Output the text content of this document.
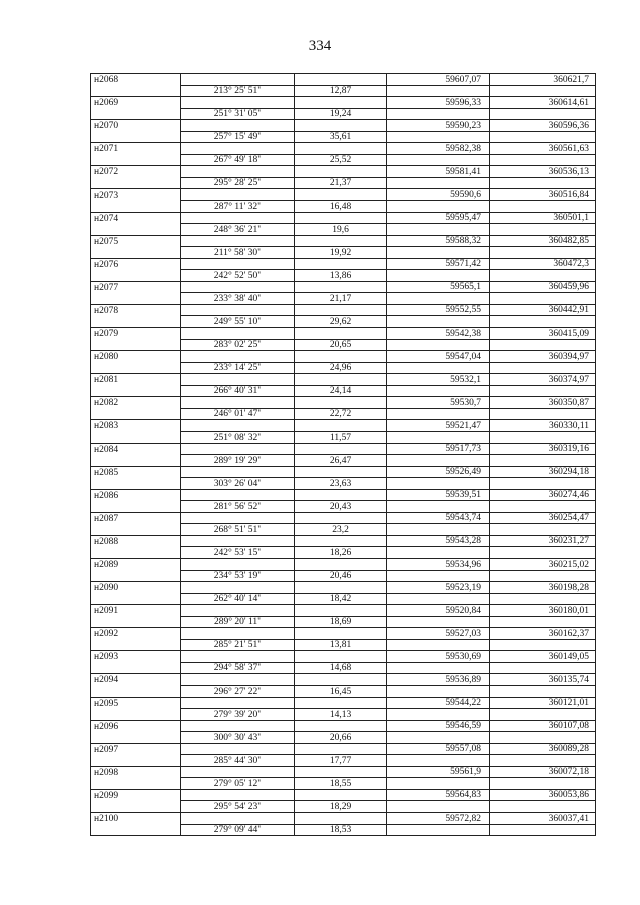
334
н2068			59607,07	360621,7
	213° 25' 51"	12,87		
н2069			59596,33	360614,61
	251° 31' 05"	19,24		
н2070			59590,23	360596,36
	257° 15' 49"	35,61		
н2071			59582,38	360561,63
	267° 49' 18"	25,52		
н2072			59581,41	360536,13
	295° 28' 25"	21,37		
н2073			59590,6	360516,84
	287° 11' 32"	16,48		
н2074			59595,47	360501,1
	248° 36' 21"	19,6		
н2075			59588,32	360482,85
	211° 58' 30"	19,92		
н2076			59571,42	360472,3
	242° 52' 50"	13,86		
н2077			59565,1	360459,96
	233° 38' 40"	21,17		
н2078			59552,55	360442,91
	249° 55' 10"	29,62		
н2079			59542,38	360415,09
	283° 02' 25"	20,65		
н2080			59547,04	360394,97
	233° 14' 25"	24,96		
н2081			59532,1	360374,97
	266° 40' 31"	24,14		
н2082			59530,7	360350,87
	246° 01' 47"	22,72		
н2083			59521,47	360330,11
	251° 08' 32"	11,57		
н2084			59517,73	360319,16
	289° 19' 29"	26,47		
н2085			59526,49	360294,18
	303° 26' 04"	23,63		
н2086			59539,51	360274,46
	281° 56' 52"	20,43		
н2087			59543,74	360254,47
	268° 51' 51"	23,2		
н2088			59543,28	360231,27
	242° 53' 15"	18,26		
н2089			59534,96	360215,02
	234° 53' 19"	20,46		
н2090			59523,19	360198,28
	262° 40' 14"	18,42		
н2091			59520,84	360180,01
	289° 20' 11"	18,69		
н2092			59527,03	360162,37
	285° 21' 51"	13,81		
н2093			59530,69	360149,05
	294° 58' 37"	14,68		
н2094			59536,89	360135,74
	296° 27' 22"	16,45		
н2095			59544,22	360121,01
	279° 39' 20"	14,13		
н2096			59546,59	360107,08
	300° 30' 43"	20,66		
н2097			59557,08	360089,28
	285° 44' 30"	17,77		
н2098			59561,9	360072,18
	279° 05' 12"	18,55		
н2099			59564,83	360053,86
	295° 54' 23"	18,29		
н2100			59572,82	360037,41
	279° 09' 44"	18,53		
